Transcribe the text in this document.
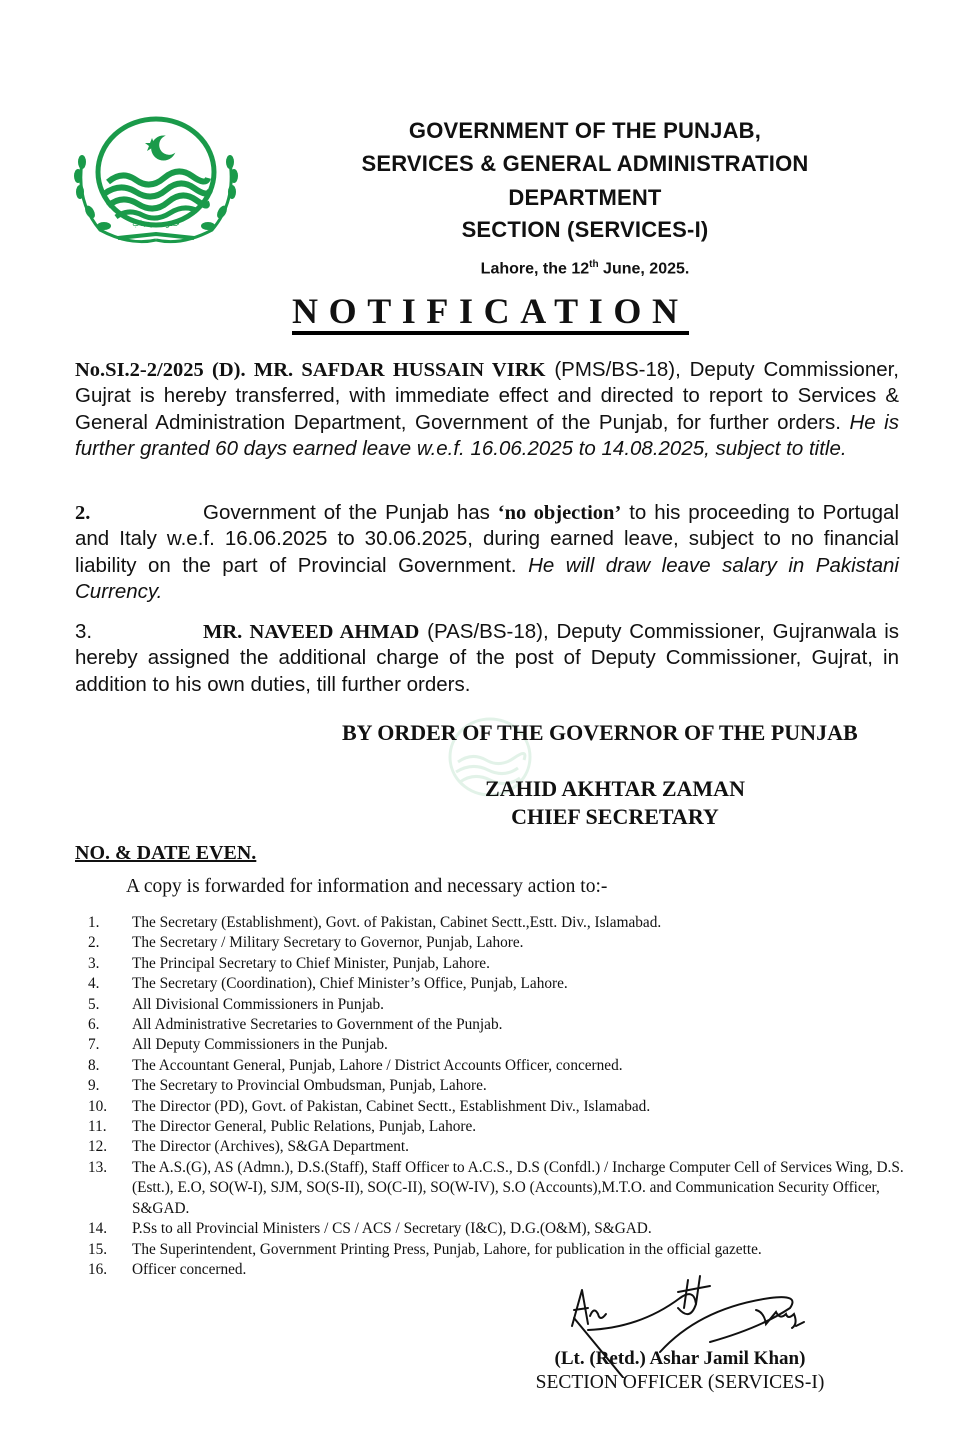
حکومت پنجاب
GOVERNMENT OF THE PUNJAB,
SERVICES & GENERAL ADMINISTRATION
DEPARTMENT
SECTION (SERVICES-I)
Lahore, the 12th June, 2025.
NOTIFICATION
No.SI.2-2/2025 (D). MR. SAFDAR HUSSAIN VIRK (PMS/BS-18), Deputy Commissioner, Gujrat is hereby transferred, with immediate effect and directed to report to Services & General Administration Department, Government of the Punjab, for further orders. He is further granted 60 days earned leave w.e.f. 16.06.2025 to 14.08.2025, subject to title.
2.	Government of the Punjab has ‘no objection’ to his proceeding to Portugal and Italy w.e.f. 16.06.2025 to 30.06.2025, during earned leave, subject to no financial liability on the part of Provincial Government. He will draw leave salary in Pakistani Currency.
3.	MR. NAVEED AHMAD (PAS/BS-18), Deputy Commissioner, Gujranwala is hereby assigned the additional charge of the post of Deputy Commissioner, Gujrat, in addition to his own duties, till further orders.
BY ORDER OF THE GOVERNOR OF THE PUNJAB
ZAHID AKHTAR ZAMAN
CHIEF SECRETARY
NO. & DATE EVEN.
A copy is forwarded for information and necessary action to:-
1.	The Secretary (Establishment), Govt. of Pakistan, Cabinet Sectt.,Estt. Div., Islamabad.
2.	The Secretary / Military Secretary to Governor, Punjab, Lahore.
3.	The Principal Secretary to Chief Minister, Punjab, Lahore.
4.	The Secretary (Coordination), Chief Minister’s Office, Punjab, Lahore.
5.	All Divisional Commissioners in Punjab.
6.	All Administrative Secretaries to Government of the Punjab.
7.	All Deputy Commissioners in the Punjab.
8.	The Accountant General, Punjab, Lahore / District Accounts Officer, concerned.
9.	The Secretary to Provincial Ombudsman, Punjab, Lahore.
10.	The Director (PD), Govt. of Pakistan, Cabinet Sectt., Establishment Div., Islamabad.
11.	The Director General, Public Relations, Punjab, Lahore.
12.	The Director (Archives), S&GA Department.
13.	The A.S.(G), AS (Admn.), D.S.(Staff), Staff Officer to A.C.S., D.S (Confdl.) / Incharge Computer Cell of Services Wing, D.S.(Estt.), E.O, SO(W-I), SJM, SO(S-II), SO(C-II), SO(W-IV), S.O (Accounts),M.T.O. and Communication Security Officer, S&GAD.
14.	P.Ss to all Provincial Ministers / CS / ACS / Secretary (I&C), D.G.(O&M), S&GAD.
15.	The Superintendent, Government Printing Press, Punjab, Lahore, for publication in the official gazette.
16.	Officer concerned.
(Lt. (Retd.) Ashar Jamil Khan)
SECTION OFFICER (SERVICES-I)
